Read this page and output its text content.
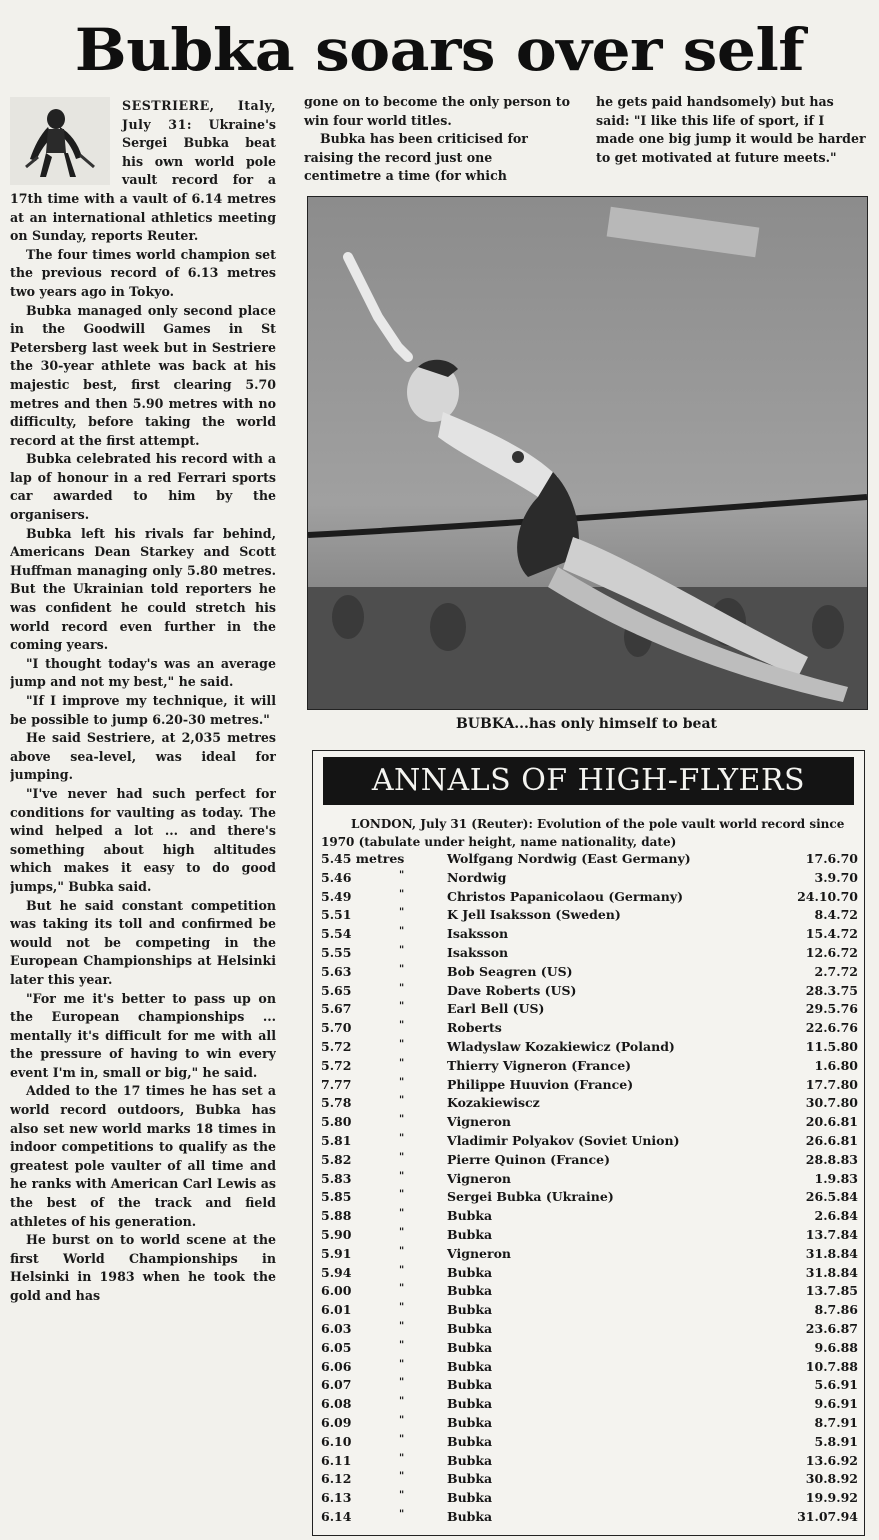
Bubka soars over self

SESTRIERE, Italy, July 31: Ukraine's Sergei Bubka beat his own world pole vault record for a 17th time with a vault of 6.14 metres at an international athletics meeting on Sunday, reports Reuter.

The four times world champion set the previous record of 6.13 metres two years ago in Tokyo.

Bubka managed only second place in the Goodwill Games in St Petersberg last week but in Sestriere the 30-year athlete was back at his majestic best, first clearing 5.70 metres and then 5.90 metres with no difficulty, before taking the world record at the first attempt.

Bubka celebrated his record with a lap of honour in a red Ferrari sports car awarded to him by the organisers.

Bubka left his rivals far behind, Americans Dean Starkey and Scott Huffman managing only 5.80 metres. But the Ukrainian told reporters he was confident he could stretch his world record even further in the coming years.

"I thought today's was an average jump and not my best," he said.

"If I improve my technique, it will be possible to jump 6.20-30 metres."

He said Sestriere, at 2,035 metres above sea-level, was ideal for jumping.

"I've never had such perfect for conditions for vaulting as today. The wind helped a lot ... and there's something about high altitudes which makes it easy to do good jumps," Bubka said.

But he said constant competition was taking its toll and confirmed be would not be competing in the European Championships at Helsinki later this year.

"For me it's better to pass up on the European championships ... mentally it's difficult for me with all the pressure of having to win every event I'm in, small or big," he said.

Added to the 17 times he has set a world record outdoors, Bubka has also set new world marks 18 times in indoor competitions to qualify as the greatest pole vaulter of all time and he ranks with American Carl Lewis as the best of the track and field athletes of his generation.

He burst on to world scene at the first World Championships in Helsinki in 1983 when he took the gold and has

gone on to become the only person to win four world titles.

Bubka has been criticised for raising the record just one centimetre a time (for which

he gets paid handsomely) but has said: "I like this life of sport, if I made one big jump it would be harder to get motivated at future meets."

BUBKA...has only himself to beat
ANNALS OF HIGH-FLYERS
LONDON, July 31 (Reuter): Evolution of the pole vault world record since 1970 (tabulate under height, name nationality, date)
5.45 metres	Wolfgang Nordwig (East Germany)	17.6.70
5.46	"	Nordwig	3.9.70
5.49	"	Christos Papanicolaou (Germany)	24.10.70
5.51	"	K Jell Isaksson (Sweden)	8.4.72
5.54	"	Isaksson	15.4.72
5.55	"	Isaksson	12.6.72
5.63	"	Bob Seagren (US)	2.7.72
5.65	"	Dave Roberts (US)	28.3.75
5.67	"	Earl Bell (US)	29.5.76
5.70	"	Roberts	22.6.76
5.72	"	Wladyslaw Kozakiewicz (Poland)	11.5.80
5.72	"	Thierry Vigneron (France)	1.6.80
7.77	"	Philippe Huuvion (France)	17.7.80
5.78	"	Kozakiewiscz	30.7.80
5.80	"	Vigneron	20.6.81
5.81	"	Vladimir Polyakov (Soviet Union)	26.6.81
5.82	"	Pierre Quinon (France)	28.8.83
5.83	"	Vigneron	1.9.83
5.85	"	Sergei Bubka (Ukraine)	26.5.84
5.88	"	Bubka	2.6.84
5.90	"	Bubka	13.7.84
5.91	"	Vigneron	31.8.84
5.94	"	Bubka	31.8.84
6.00	"	Bubka	13.7.85
6.01	"	Bubka	8.7.86
6.03	"	Bubka	23.6.87
6.05	"	Bubka	9.6.88
6.06	"	Bubka	10.7.88
6.07	"	Bubka	5.6.91
6.08	"	Bubka	9.6.91
6.09	"	Bubka	8.7.91
6.10	"	Bubka	5.8.91
6.11	"	Bubka	13.6.92
6.12	"	Bubka	30.8.92
6.13	"	Bubka	19.9.92
6.14	"	Bubka	31.07.94
